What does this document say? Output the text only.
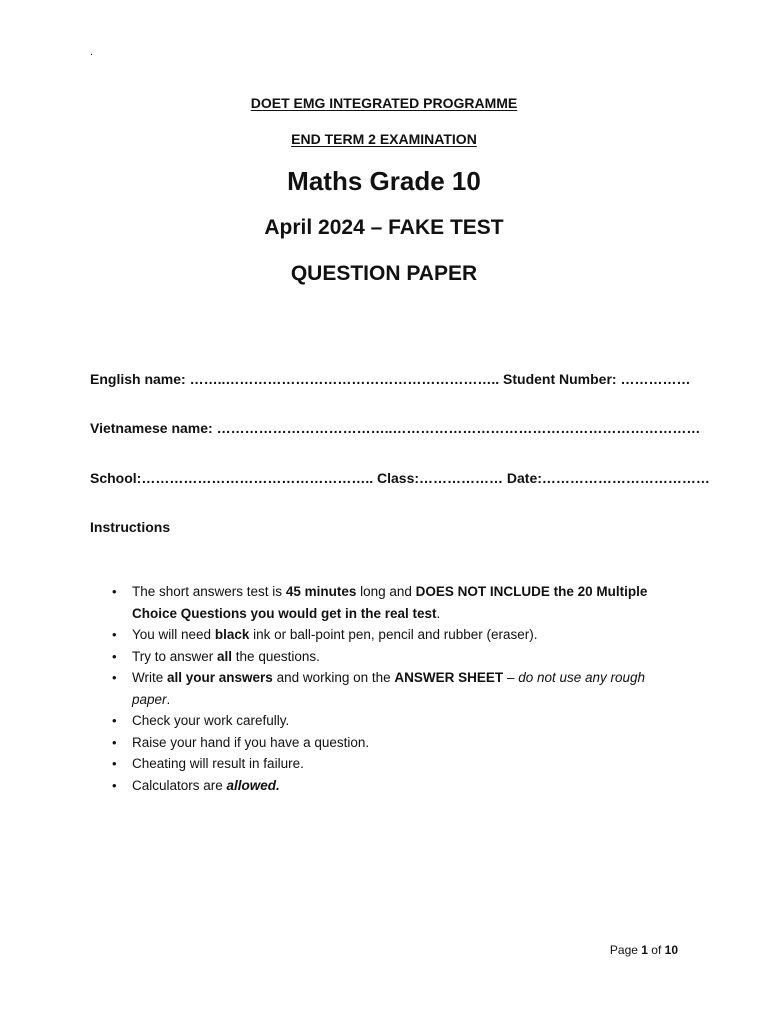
.
DOET EMG INTEGRATED PROGRAMME
END TERM 2 EXAMINATION
Maths Grade 10
April 2024 – FAKE TEST
QUESTION PAPER
English name: ……..………………………………………………….. Student Number: ……………
Vietnamese name: ………………………………..…………………………………………………………
School:………………………………………….. Class:……………… Date:………………………………
Instructions
• The short answers test is 45 minutes long and DOES NOT INCLUDE the 20 Multiple Choice Questions you would get in the real test.
• You will need black ink or ball-point pen, pencil and rubber (eraser).
• Try to answer all the questions.
• Write all your answers and working on the ANSWER SHEET – do not use any rough paper.
• Check your work carefully.
• Raise your hand if you have a question.
• Cheating will result in failure.
• Calculators are allowed.
Page 1 of 10
